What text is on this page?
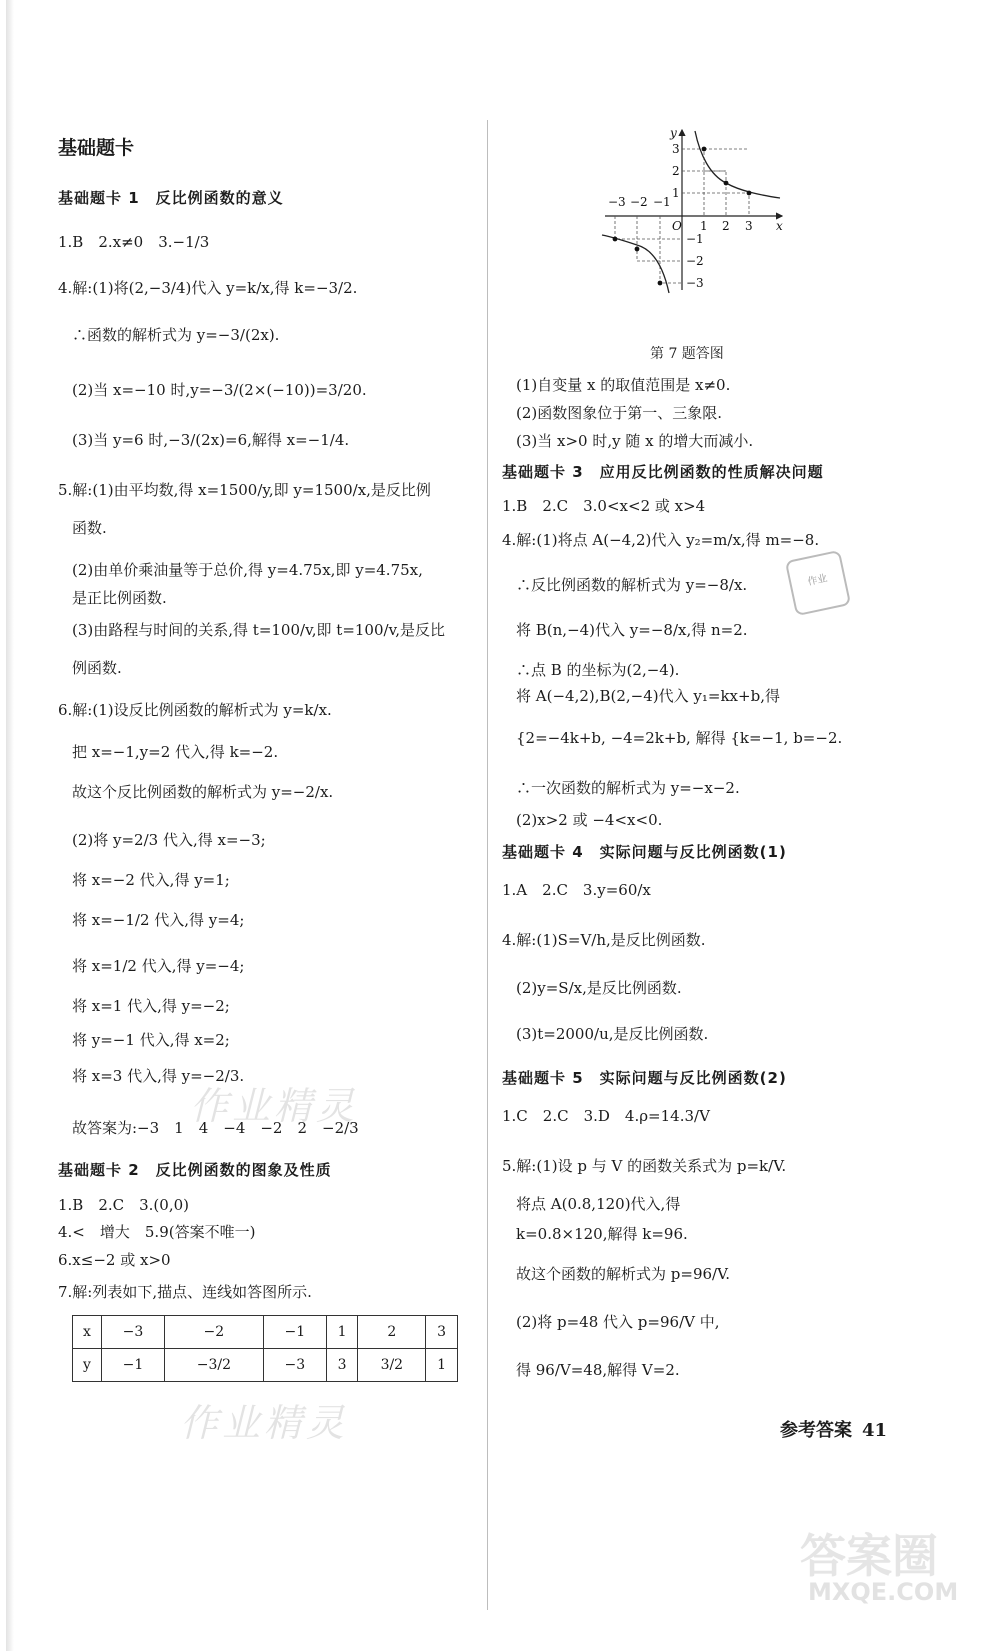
基础题卡
基础题卡 1　反比例函数的意义
1.B　2.x≠0　3.−1/3
4.解:(1)将(2,−3/4)代入 y=k/x,得 k=−3/2.
∴函数的解析式为 y=−3/(2x).
(2)当 x=−10 时,y=−3/(2×(−10))=3/20.
(3)当 y=6 时,−3/(2x)=6,解得 x=−1/4.
5.解:(1)由平均数,得 x=1500/y,即 y=1500/x,是反比例
函数.
(2)由单价乘油量等于总价,得 y=4.75x,即 y=4.75x,
是正比例函数.
(3)由路程与时间的关系,得 t=100/v,即 t=100/v,是反比
例函数.
6.解:(1)设反比例函数的解析式为 y=k/x.
把 x=−1,y=2 代入,得 k=−2.
故这个反比例函数的解析式为 y=−2/x.
(2)将 y=2/3 代入,得 x=−3;
将 x=−2 代入,得 y=1;
将 x=−1/2 代入,得 y=4;
将 x=1/2 代入,得 y=−4;
将 x=1 代入,得 y=−2;
将 y=−1 代入,得 x=2;
将 x=3 代入,得 y=−2/3.
故答案为:−3　1　4　−4　−2　2　−2/3
基础题卡 2　反比例函数的图象及性质
1.B　2.C　3.(0,0)
4.<　增大　5.9(答案不唯一)
6.x≤−2 或 x>0
7.解:列表如下,描点、连线如答图所示.
x	−3	−2	−1	1	2	3
y	−1	−3/2	−3	3	3/2	1
(1)自变量 x 的取值范围是 x≠0.
(2)函数图象位于第一、三象限.
(3)当 x>0 时,y 随 x 的增大而减小.
基础题卡 3　应用反比例函数的性质解决问题
1.B　2.C　3.0<x<2 或 x>4
4.解:(1)将点 A(−4,2)代入 y₂=m/x,得 m=−8.
∴反比例函数的解析式为 y=−8/x.
将 B(n,−4)代入 y=−8/x,得 n=2.
∴点 B 的坐标为(2,−4).
将 A(−4,2),B(2,−4)代入 y₁=kx+b,得
{2=−4k+b, −4=2k+b, 解得 {k=−1, b=−2.
∴一次函数的解析式为 y=−x−2.
(2)x>2 或 −4<x<0.
基础题卡 4　实际问题与反比例函数(1)
1.A　2.C　3.y=60/x
4.解:(1)S=V/h,是反比例函数.
(2)y=S/x,是反比例函数.
(3)t=2000/u,是反比例函数.
基础题卡 5　实际问题与反比例函数(2)
1.C　2.C　3.D　4.ρ=14.3/V
5.解:(1)设 p 与 V 的函数关系式为 p=k/V.
将点 A(0.8,120)代入,得
k=0.8×120,解得 k=96.
故这个函数的解析式为 p=96/V.
(2)将 p=48 代入 p=96/V 中,
得 96/V=48,解得 V=2.
−3 −2 −1
O 1 2 3 x
y
3
2
1
−1
−2
−3
第 7 题答图
作业
参考答案 41
作业精灵
作业精灵
答案圈
MXQE.COM
